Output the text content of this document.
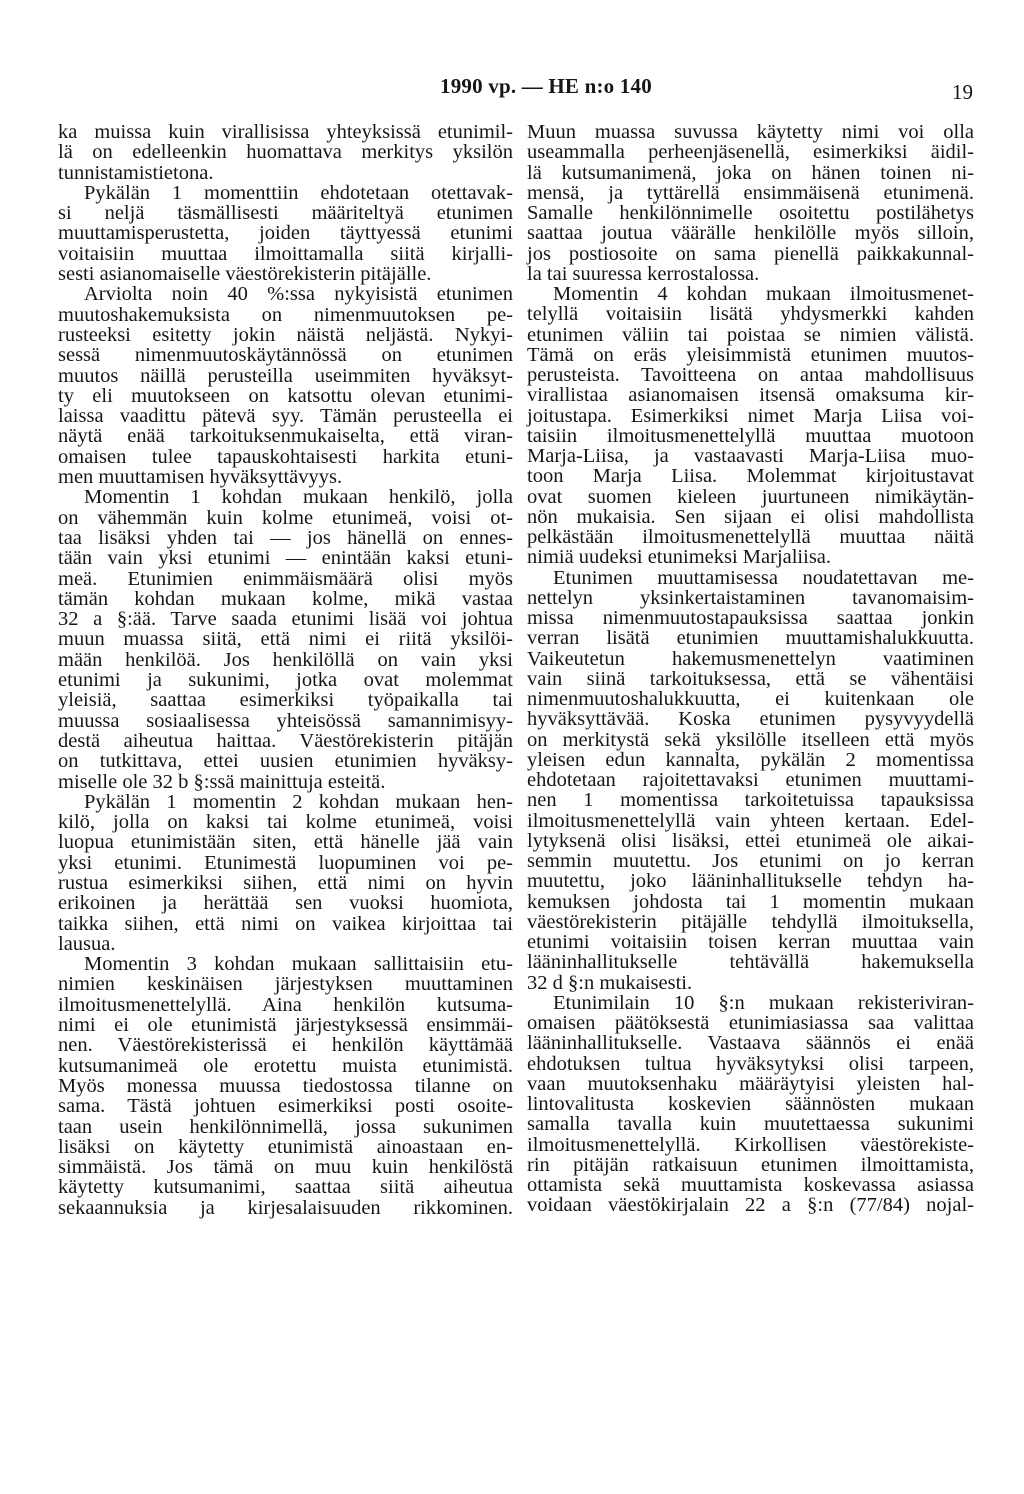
1990 vp. — HE n:o 140	19
ka muissa kuin virallisissa yhteyksissä etunimil-
lä on edelleenkin huomattava merkitys yksilön
tunnistamistietona.
Pykälän 1 momenttiin ehdotetaan otettavak-
si neljä täsmällisesti määriteltyä etunimen
muuttamisperustetta, joiden täyttyessä etunimi
voitaisiin muuttaa ilmoittamalla siitä kirjalli-
sesti asianomaiselle väestörekisterin pitäjälle.
Arviolta noin 40 %:ssa nykyisistä etunimen
muutoshakemuksista on nimenmuutoksen pe-
rusteeksi esitetty jokin näistä neljästä. Nykyi-
sessä nimenmuutoskäytännössä on etunimen
muutos näillä perusteilla useimmiten hyväksyt-
ty eli muutokseen on katsottu olevan etunimi-
laissa vaadittu pätevä syy. Tämän perusteella ei
näytä enää tarkoituksenmukaiselta, että viran-
omaisen tulee tapauskohtaisesti harkita etuni-
men muuttamisen hyväksyttävyys.
Momentin 1 kohdan mukaan henkilö, jolla
on vähemmän kuin kolme etunimeä, voisi ot-
taa lisäksi yhden tai — jos hänellä on ennes-
tään vain yksi etunimi — enintään kaksi etuni-
meä. Etunimien enimmäismäärä olisi myös
tämän kohdan mukaan kolme, mikä vastaa
32 a §:ää. Tarve saada etunimi lisää voi johtua
muun muassa siitä, että nimi ei riitä yksilöi-
mään henkilöä. Jos henkilöllä on vain yksi
etunimi ja sukunimi, jotka ovat molemmat
yleisiä, saattaa esimerkiksi työpaikalla tai
muussa sosiaalisessa yhteisössä samannimisyy-
destä aiheutua haittaa. Väestörekisterin pitäjän
on tutkittava, ettei uusien etunimien hyväksy-
miselle ole 32 b §:ssä mainittuja esteitä.
Pykälän 1 momentin 2 kohdan mukaan hen-
kilö, jolla on kaksi tai kolme etunimeä, voisi
luopua etunimistään siten, että hänelle jää vain
yksi etunimi. Etunimestä luopuminen voi pe-
rustua esimerkiksi siihen, että nimi on hyvin
erikoinen ja herättää sen vuoksi huomiota,
taikka siihen, että nimi on vaikea kirjoittaa tai
lausua.
Momentin 3 kohdan mukaan sallittaisiin etu-
nimien keskinäisen järjestyksen muuttaminen
ilmoitusmenettelyllä. Aina henkilön kutsuma-
nimi ei ole etunimistä järjestyksessä ensimmäi-
nen. Väestörekisterissä ei henkilön käyttämää
kutsumanimeä ole erotettu muista etunimistä.
Myös monessa muussa tiedostossa tilanne on
sama. Tästä johtuen esimerkiksi posti osoite-
taan usein henkilönnimellä, jossa sukunimen
lisäksi on käytetty etunimistä ainoastaan en-
simmäistä. Jos tämä on muu kuin henkilöstä
käytetty kutsumanimi, saattaa siitä aiheutua
sekaannuksia ja kirjesalaisuuden rikkominen.
Muun muassa suvussa käytetty nimi voi olla
useammalla perheenjäsenellä, esimerkiksi äidil-
lä kutsumanimenä, joka on hänen toinen ni-
mensä, ja tyttärellä ensimmäisenä etunimenä.
Samalle henkilönnimelle osoitettu postilähetys
saattaa joutua väärälle henkilölle myös silloin,
jos postiosoite on sama pienellä paikkakunnal-
la tai suuressa kerrostalossa.
Momentin 4 kohdan mukaan ilmoitusmenet-
telyllä voitaisiin lisätä yhdysmerkki kahden
etunimen väliin tai poistaa se nimien välistä.
Tämä on eräs yleisimmistä etunimen muutos-
perusteista. Tavoitteena on antaa mahdollisuus
virallistaa asianomaisen itsensä omaksuma kir-
joitustapa. Esimerkiksi nimet Marja Liisa voi-
taisiin ilmoitusmenettelyllä muuttaa muotoon
Marja-Liisa, ja vastaavasti Marja-Liisa muo-
toon Marja Liisa. Molemmat kirjoitustavat
ovat suomen kieleen juurtuneen nimikäytän-
nön mukaisia. Sen sijaan ei olisi mahdollista
pelkästään ilmoitusmenettelyllä muuttaa näitä
nimiä uudeksi etunimeksi Marjaliisa.
Etunimen muuttamisessa noudatettavan me-
nettelyn yksinkertaistaminen tavanomaisim-
missa nimenmuutostapauksissa saattaa jonkin
verran lisätä etunimien muuttamishalukkuutta.
Vaikeutetun hakemusmenettelyn vaatiminen
vain siinä tarkoituksessa, että se vähentäisi
nimenmuutoshalukkuutta, ei kuitenkaan ole
hyväksyttävää. Koska etunimen pysyvyydellä
on merkitystä sekä yksilölle itselleen että myös
yleisen edun kannalta, pykälän 2 momentissa
ehdotetaan rajoitettavaksi etunimen muuttami-
nen 1 momentissa tarkoitetuissa tapauksissa
ilmoitusmenettelyllä vain yhteen kertaan. Edel-
lytyksenä olisi lisäksi, ettei etunimeä ole aikai-
semmin muutettu. Jos etunimi on jo kerran
muutettu, joko lääninhallitukselle tehdyn ha-
kemuksen johdosta tai 1 momentin mukaan
väestörekisterin pitäjälle tehdyllä ilmoituksella,
etunimi voitaisiin toisen kerran muuttaa vain
lääninhallitukselle tehtävällä hakemuksella
32 d §:n mukaisesti.
Etunimilain 10 §:n mukaan rekisteriviran-
omaisen päätöksestä etunimiasiassa saa valittaa
lääninhallitukselle. Vastaava säännös ei enää
ehdotuksen tultua hyväksytyksi olisi tarpeen,
vaan muutoksenhaku määräytyisi yleisten hal-
lintovalitusta koskevien säännösten mukaan
samalla tavalla kuin muutettaessa sukunimi
ilmoitusmenettelyllä. Kirkollisen väestörekiste-
rin pitäjän ratkaisuun etunimen ilmoittamista,
ottamista sekä muuttamista koskevassa asiassa
voidaan väestökirjalain 22 a §:n (77/84) nojal-
